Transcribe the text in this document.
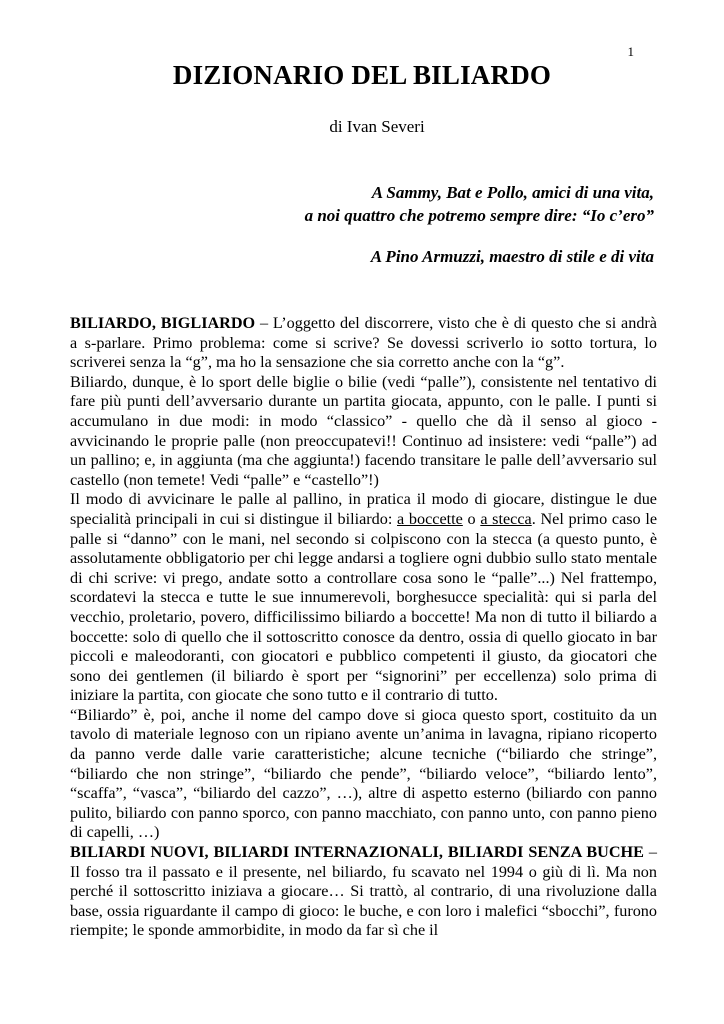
1
DIZIONARIO DEL BILIARDO
di Ivan Severi
A Sammy, Bat e Pollo, amici di una vita,
a noi quattro che potremo sempre dire: “Io c’ero”
A Pino Armuzzi, maestro di stile e di vita

BILIARDO, BIGLIARDO – L’oggetto del discorrere, visto che è di questo che si andrà a s-parlare. Primo problema: come si scrive? Se dovessi scriverlo io sotto tortura, lo scriverei senza la “g”, ma ho la sensazione che sia corretto anche con la “g”.

Biliardo, dunque, è lo sport delle biglie o bilie (vedi “palle”), consistente nel tentativo di fare più punti dell’avversario durante un partita giocata, appunto, con le palle. I punti si accumulano in due modi: in modo “classico” - quello che dà il senso al gioco - avvicinando le proprie palle (non preoccupatevi!! Continuo ad insistere: vedi “palle”) ad un pallino; e, in aggiunta (ma che aggiunta!) facendo transitare le palle dell’avversario sul castello (non temete! Vedi “palle” e “castello”!)

Il modo di avvicinare le palle al pallino, in pratica il modo di giocare, distingue le due specialità principali in cui si distingue il biliardo: a boccette o a stecca. Nel primo caso le palle si “danno” con le mani, nel secondo si colpiscono con la stecca (a questo punto, è assolutamente obbligatorio per chi legge andarsi a togliere ogni dubbio sullo stato mentale di chi scrive: vi prego, andate sotto a controllare cosa sono le “palle”...) Nel frattempo, scordatevi la stecca e tutte le sue innumerevoli, borghesucce specialità: qui si parla del vecchio, proletario, povero, difficilissimo biliardo a boccette! Ma non di tutto il biliardo a boccette: solo di quello che il sottoscritto conosce da dentro, ossia di quello giocato in bar piccoli e maleodoranti, con giocatori e pubblico competenti il giusto, da giocatori che sono dei gentlemen (il biliardo è sport per “signorini” per eccellenza) solo prima di iniziare la partita, con giocate che sono tutto e il contrario di tutto.

“Biliardo” è, poi, anche il nome del campo dove si gioca questo sport, costituito da un tavolo di materiale legnoso con un ripiano avente un’anima in lavagna, ripiano ricoperto da panno verde dalle varie caratteristiche; alcune tecniche (“biliardo che stringe”, “biliardo che non stringe”, “biliardo che pende”, “biliardo veloce”, “biliardo lento”, “scaffa”, “vasca”, “biliardo del cazzo”, …), altre di aspetto esterno (biliardo con panno pulito, biliardo con panno sporco, con panno macchiato, con panno unto, con panno pieno di capelli, …)

BILIARDI NUOVI, BILIARDI INTERNAZIONALI, BILIARDI SENZA BUCHE – Il fosso tra il passato e il presente, nel biliardo, fu scavato nel 1994 o giù di lì. Ma non perché il sottoscritto iniziava a giocare… Si trattò, al contrario, di una rivoluzione dalla base, ossia riguardante il campo di gioco: le buche, e con loro i malefici “sbocchi”, furono riempite; le sponde ammorbidite, in modo da far sì che il
